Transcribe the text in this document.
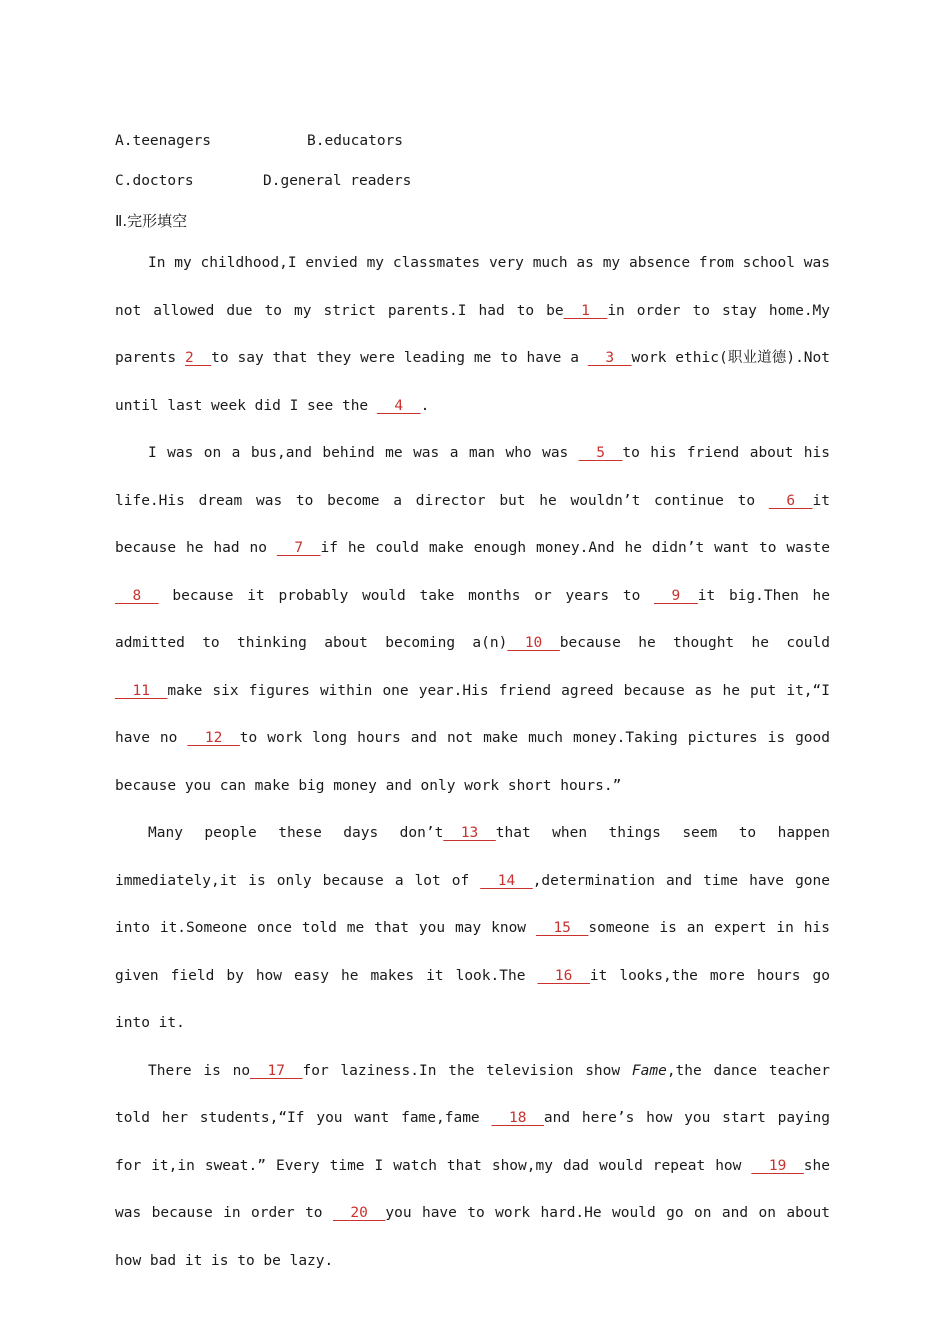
A.teenagers	B.educators
C.doctors	D.general readers
Ⅱ.完形填空

In my childhood,I envied my classmates very much as my absence from school was not allowed due to my strict parents.I had to be__1__in order to stay home.My parents 2__to say that they were leading me to have a __3__work ethic(职业道德).Not until last week did I see the __4__.

I was on a bus,and behind me was a man who was __5__to his friend about his life.His dream was to become a director but he wouldn’t continue to __6__it because he had no __7__if he could make enough money.And he didn’t want to waste __8__ because it probably would take months or years to __9__it big.Then he admitted to thinking about becoming a(n)__10__because he thought he could __11__make six figures within one year.His friend agreed because as he put it,“I have no __12__to work long hours and not make much money.Taking pictures is good because you can make big money and only work short hours.”

Many people these days don’t__13__that when things seem to happen immediately,it is only because a lot of __14__,determination and time have gone into it.Someone once told me that you may know __15__someone is an expert in his given field by how easy he makes it look.The __16__it looks,the more hours go into it.

There is no__17__for laziness.In the television show Fame,the dance teacher told her students,“If you want fame,fame __18__and here’s how you start paying for it,in sweat.” Every time I watch that show,my dad would repeat how __19__she was because in order to __20__you have to work hard.He would go on and on about how bad it is to be lazy.
